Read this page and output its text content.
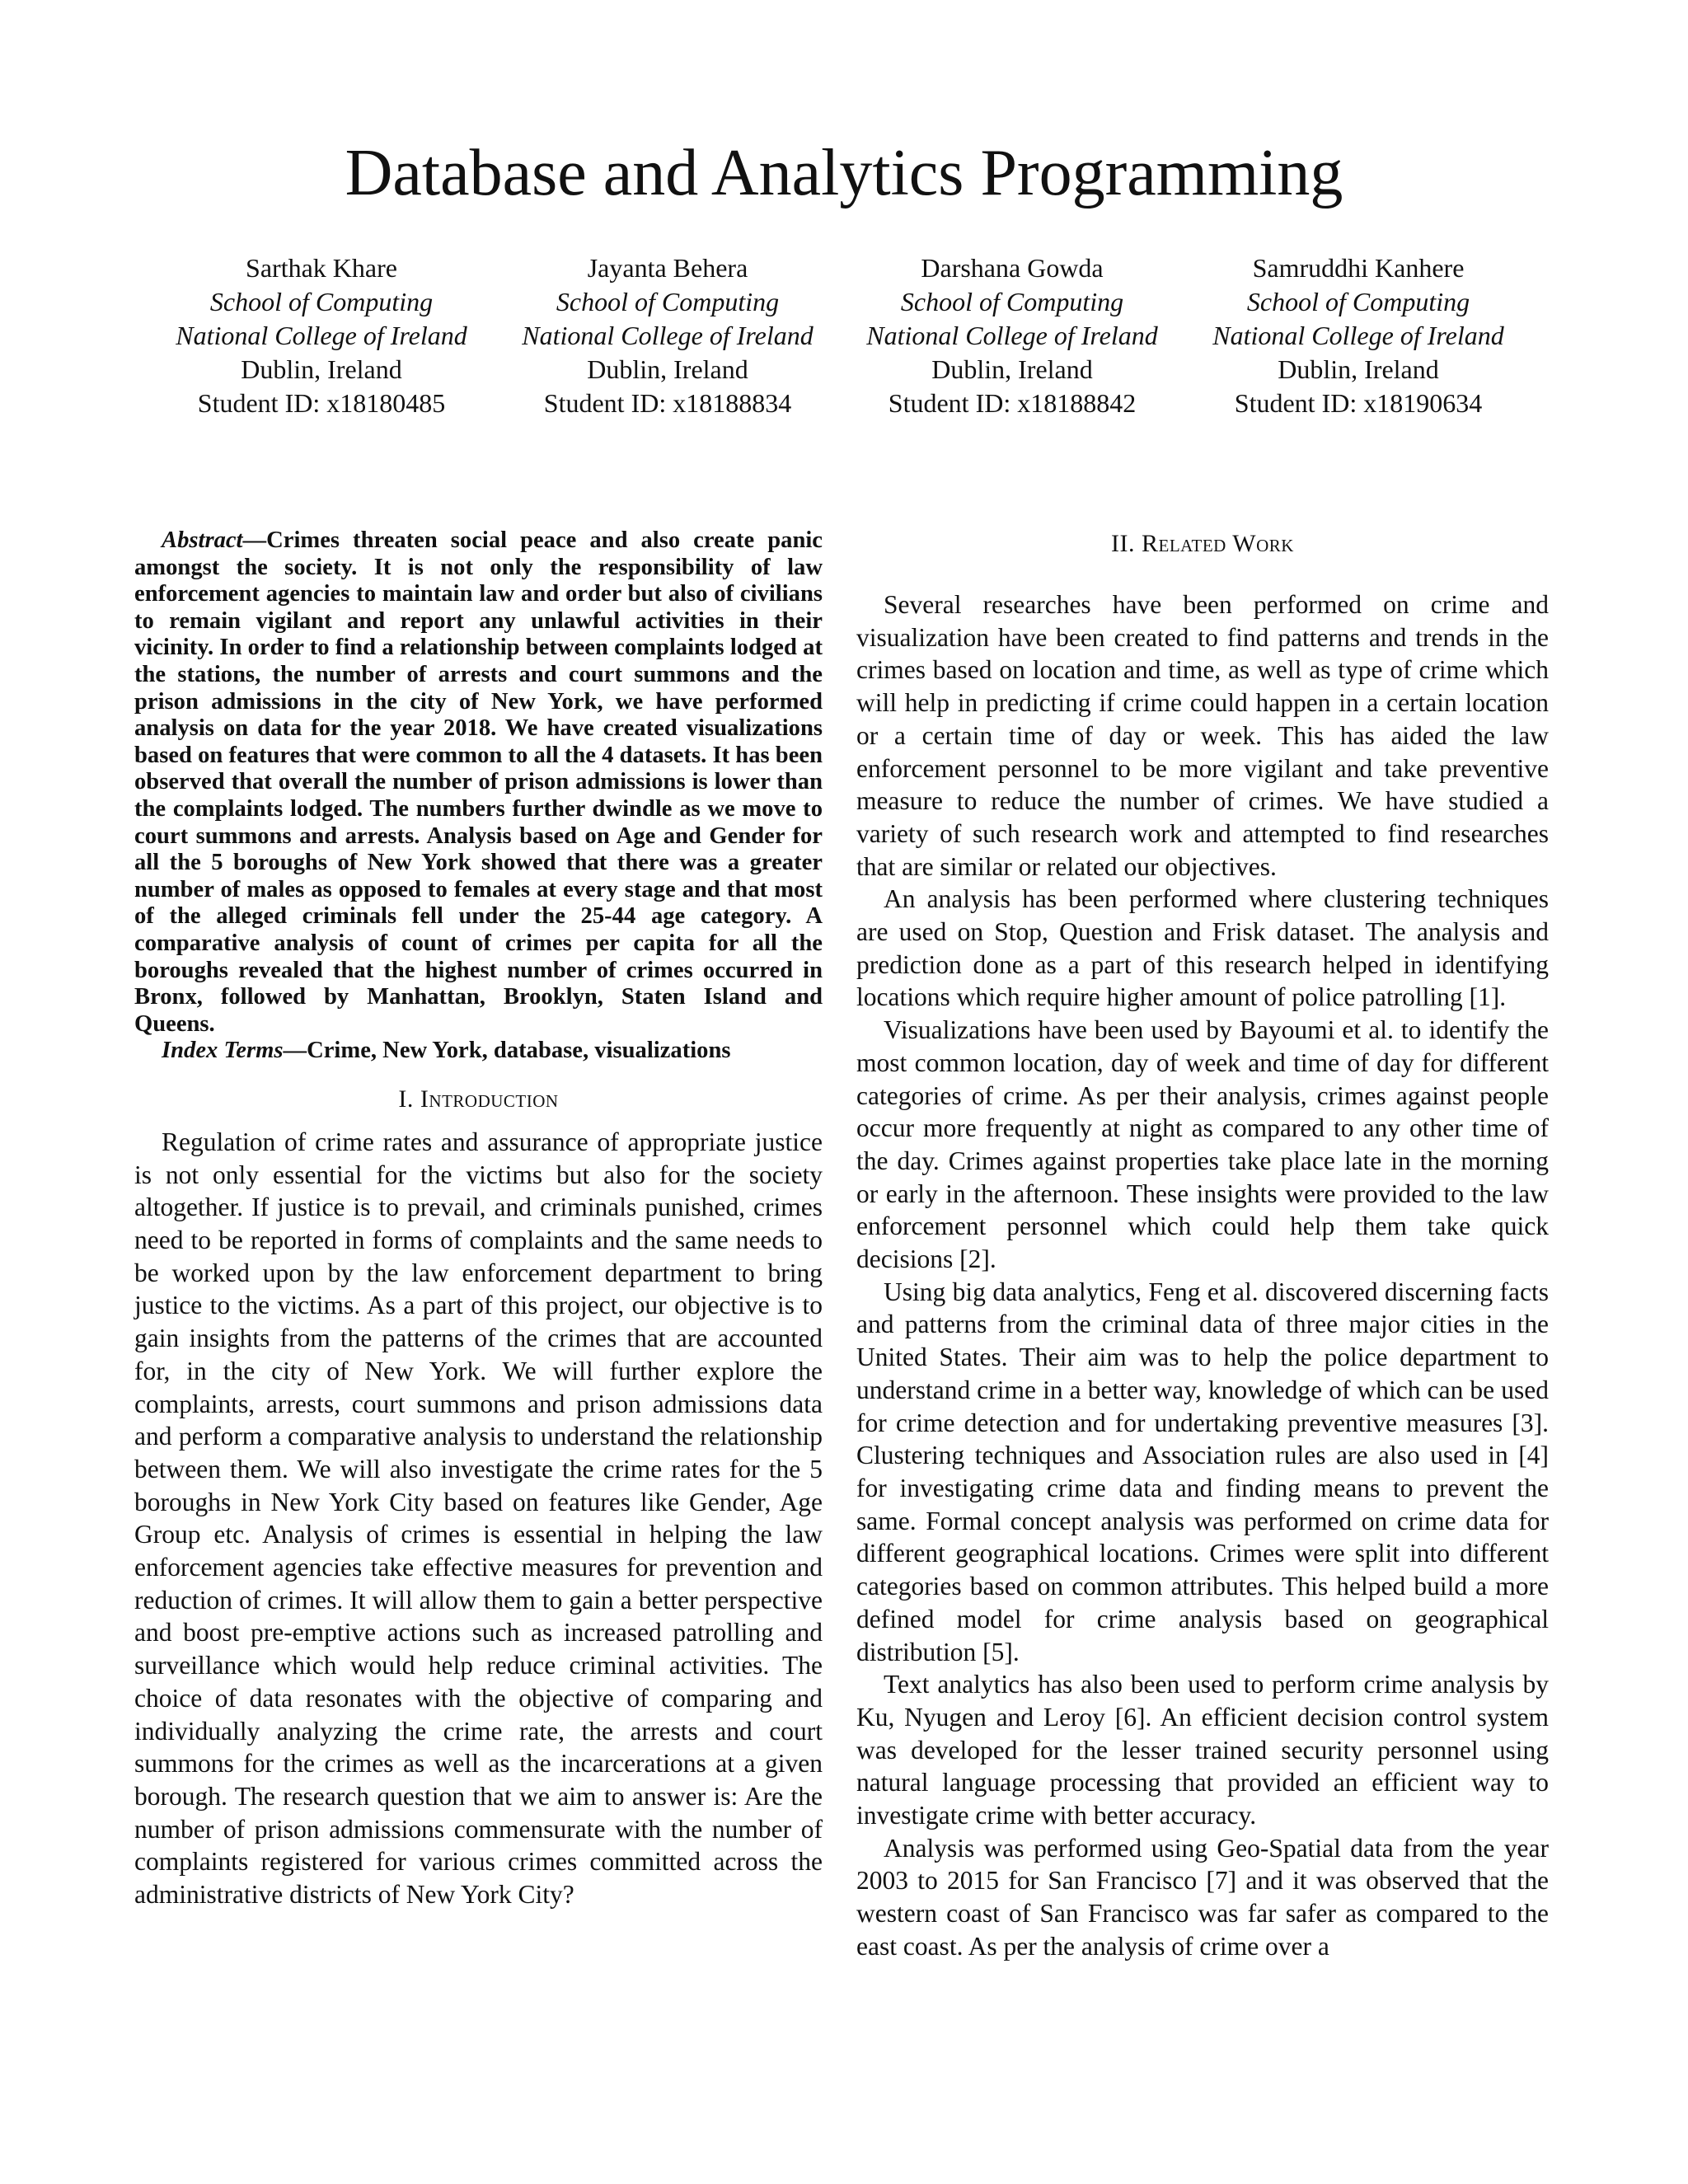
Database and Analytics Programming
Sarthak Khare
School of Computing
National College of Ireland
Dublin, Ireland
Student ID: x18180485
Jayanta Behera
School of Computing
National College of Ireland
Dublin, Ireland
Student ID: x18188834
Darshana Gowda
School of Computing
National College of Ireland
Dublin, Ireland
Student ID: x18188842
Samruddhi Kanhere
School of Computing
National College of Ireland
Dublin, Ireland
Student ID: x18190634

Abstract—Crimes threaten social peace and also create panic amongst the society. It is not only the responsibility of law enforcement agencies to maintain law and order but also of civilians to remain vigilant and report any unlawful activities in their vicinity. In order to find a relationship between complaints lodged at the stations, the number of arrests and court summons and the prison admissions in the city of New York, we have performed analysis on data for the year 2018. We have created visualizations based on features that were common to all the 4 datasets. It has been observed that overall the number of prison admissions is lower than the complaints lodged. The numbers further dwindle as we move to court summons and arrests. Analysis based on Age and Gender for all the 5 boroughs of New York showed that there was a greater number of males as opposed to females at every stage and that most of the alleged criminals fell under the 25-44 age category. A comparative analysis of count of crimes per capita for all the boroughs revealed that the highest number of crimes occurred in Bronx, followed by Manhattan, Brooklyn, Staten Island and Queens.

Index Terms—Crime, New York, database, visualizations

I. Introduction

Regulation of crime rates and assurance of appropriate justice is not only essential for the victims but also for the society altogether. If justice is to prevail, and criminals punished, crimes need to be reported in forms of complaints and the same needs to be worked upon by the law enforcement department to bring justice to the victims. As a part of this project, our objective is to gain insights from the patterns of the crimes that are accounted for, in the city of New York. We will further explore the complaints, arrests, court summons and prison admissions data and perform a comparative analysis to understand the relationship between them. We will also investigate the crime rates for the 5 boroughs in New York City based on features like Gender, Age Group etc. Analysis of crimes is essential in helping the law enforcement agencies take effective measures for prevention and reduction of crimes. It will allow them to gain a better perspective and boost pre-emptive actions such as increased patrolling and surveillance which would help reduce criminal activities. The choice of data resonates with the objective of comparing and individually analyzing the crime rate, the arrests and court summons for the crimes as well as the incarcerations at a given borough. The research question that we aim to answer is: Are the number of prison admissions commensurate with the number of complaints registered for various crimes committed across the administrative districts of New York City?

II. Related Work

Several researches have been performed on crime and visualization have been created to find patterns and trends in the crimes based on location and time, as well as type of crime which will help in predicting if crime could happen in a certain location or a certain time of day or week. This has aided the law enforcement personnel to be more vigilant and take preventive measure to reduce the number of crimes. We have studied a variety of such research work and attempted to find researches that are similar or related our objectives.

An analysis has been performed where clustering techniques are used on Stop, Question and Frisk dataset. The analysis and prediction done as a part of this research helped in identifying locations which require higher amount of police patrolling [1].

Visualizations have been used by Bayoumi et al. to identify the most common location, day of week and time of day for different categories of crime. As per their analysis, crimes against people occur more frequently at night as compared to any other time of the day. Crimes against properties take place late in the morning or early in the afternoon. These insights were provided to the law enforcement personnel which could help them take quick decisions [2].

Using big data analytics, Feng et al. discovered discerning facts and patterns from the criminal data of three major cities in the United States. Their aim was to help the police department to understand crime in a better way, knowledge of which can be used for crime detection and for undertaking preventive measures [3]. Clustering techniques and Association rules are also used in [4] for investigating crime data and finding means to prevent the same. Formal concept analysis was performed on crime data for different geographical locations. Crimes were split into different categories based on common attributes. This helped build a more defined model for crime analysis based on geographical distribution [5].

Text analytics has also been used to perform crime analysis by Ku, Nyugen and Leroy [6]. An efficient decision control system was developed for the lesser trained security personnel using natural language processing that provided an efficient way to investigate crime with better accuracy.

Analysis was performed using Geo-Spatial data from the year 2003 to 2015 for San Francisco [7] and it was observed that the western coast of San Francisco was far safer as compared to the east coast. As per the analysis of crime over a
